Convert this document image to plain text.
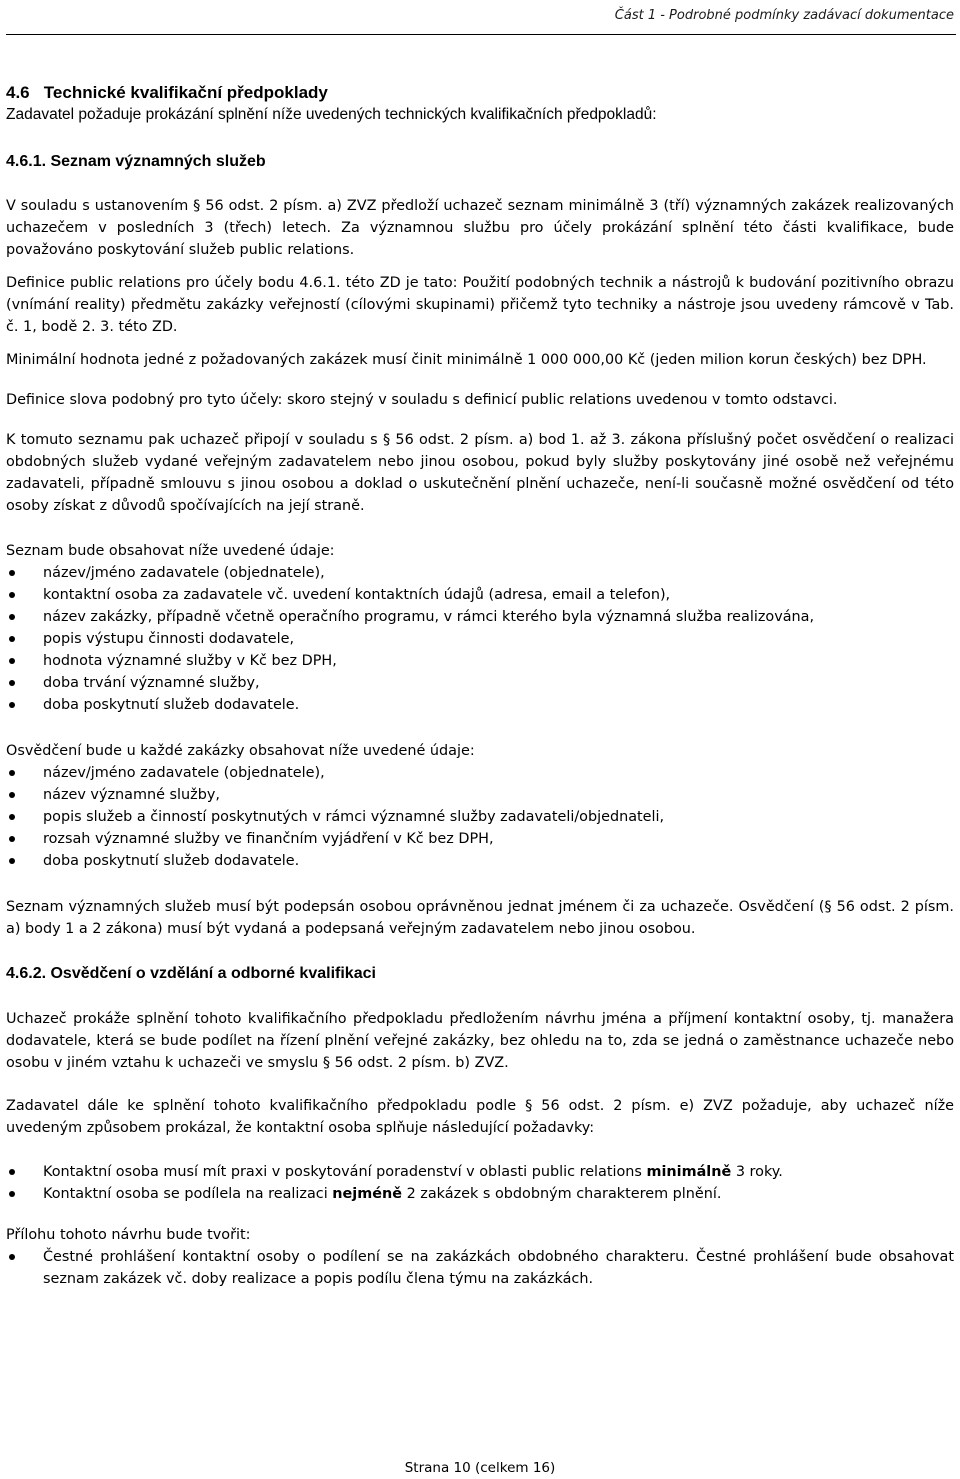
Část 1 - Podrobné podmínky zadávací dokumentace

4.6   Technické kvalifikační předpoklady

Zadavatel požaduje prokázání splnění níže uvedených technických kvalifikačních předpokladů:

4.6.1. Seznam významných služeb

V souladu s ustanovením § 56 odst. 2 písm. a) ZVZ předloží uchazeč seznam minimálně 3 (tří) významných zakázek realizovaných uchazečem v posledních 3 (třech) letech. Za významnou službu pro účely prokázání splnění této části kvalifikace, bude považováno poskytování služeb public relations.

Definice public relations pro účely bodu 4.6.1. této ZD je tato: Použití podobných technik a nástrojů k budování pozitivního obrazu (vnímání reality) předmětu zakázky veřejností (cílovými skupinami) přičemž tyto techniky a nástroje jsou uvedeny rámcově v Tab. č. 1, bodě 2. 3. této ZD.

Minimální hodnota jedné z požadovaných zakázek musí činit minimálně 1 000 000,00 Kč (jeden milion korun českých) bez DPH.

Definice slova podobný pro tyto účely: skoro stejný v souladu s definicí public relations uvedenou v tomto odstavci.

K tomuto seznamu pak uchazeč připojí v souladu s § 56 odst. 2 písm. a) bod 1. až 3. zákona příslušný počet osvědčení o realizaci obdobných služeb vydané veřejným zadavatelem nebo jinou osobou, pokud byly služby poskytovány jiné osobě než veřejnému zadavateli, případně smlouvu s jinou osobou a doklad o uskutečnění plnění uchazeče, není-li současně možné osvědčení od této osoby získat z důvodů spočívajících na její straně.

Seznam bude obsahovat níže uvedené údaje:

název/jméno zadavatele (objednatele),
kontaktní osoba za zadavatele vč. uvedení kontaktních údajů (adresa, email a telefon),
název zakázky, případně včetně operačního programu, v rámci kterého byla významná služba realizována,
popis výstupu činnosti dodavatele,
hodnota významné služby v Kč bez DPH,
doba trvání významné služby,
doba poskytnutí služeb dodavatele.

Osvědčení bude u každé zakázky obsahovat níže uvedené údaje:

název/jméno zadavatele (objednatele),
název významné služby,
popis služeb a činností poskytnutých v rámci významné služby zadavateli/objednateli,
rozsah významné služby ve finančním vyjádření v Kč bez DPH,
doba poskytnutí služeb dodavatele.

Seznam významných služeb musí být podepsán osobou oprávněnou jednat jménem či za uchazeče. Osvědčení (§ 56 odst. 2 písm. a) body 1 a 2 zákona) musí být vydaná a podepsaná veřejným zadavatelem nebo jinou osobou.

4.6.2. Osvědčení o vzdělání a odborné kvalifikaci

Uchazeč prokáže splnění tohoto kvalifikačního předpokladu předložením návrhu jména a příjmení kontaktní osoby, tj. manažera dodavatele, která se bude podílet na řízení plnění veřejné zakázky, bez ohledu na to, zda se jedná o zaměstnance uchazeče nebo osobu v jiném vztahu k uchazeči ve smyslu § 56 odst. 2 písm. b) ZVZ.

Zadavatel dále ke splnění tohoto kvalifikačního předpokladu podle § 56 odst. 2 písm. e) ZVZ požaduje, aby uchazeč níže uvedeným způsobem prokázal, že kontaktní osoba splňuje následující požadavky:

Kontaktní osoba musí mít praxi v poskytování poradenství v oblasti public relations minimálně 3 roky.
Kontaktní osoba se podílela na realizaci nejméně 2 zakázek s obdobným charakterem plnění.

Přílohu tohoto návrhu bude tvořit:

Čestné prohlášení kontaktní osoby o podílení se na zakázkách obdobného charakteru. Čestné prohlášení bude obsahovat seznam zakázek vč. doby realizace a popis podílu člena týmu na zakázkách.
Strana 10 (celkem 16)
